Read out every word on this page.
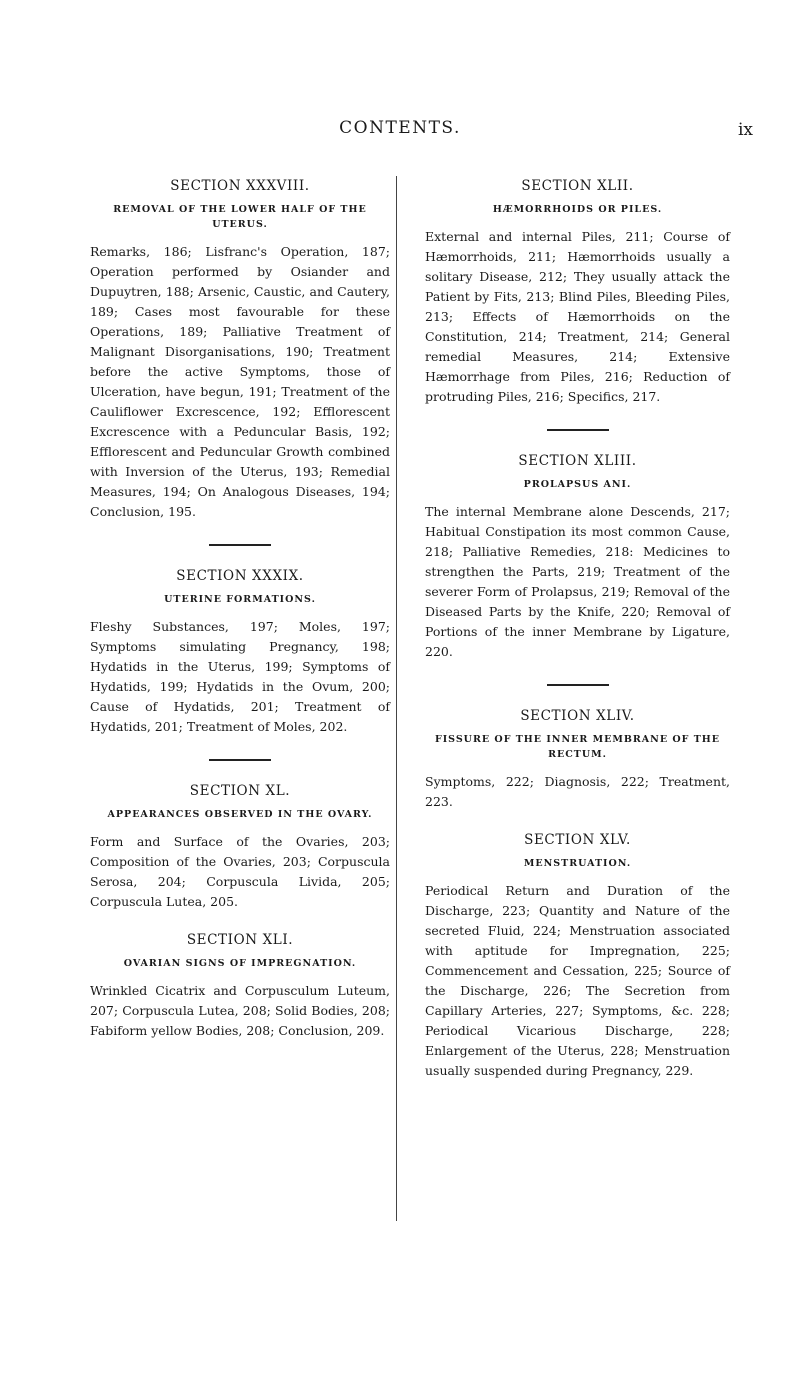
CONTENTS.	ix
SECTION XXXVIII.
REMOVAL OF THE LOWER HALF OF THE UTERUS.

Remarks, 186; Lisfranc's Operation, 187; Operation performed by Osiander and Dupuytren, 188; Arsenic, Caustic, and Cautery, 189; Cases most favourable for these Operations, 189; Palliative Treatment of Malignant Disorganisations, 190; Treatment before the active Symptoms, those of Ulceration, have begun, 191; Treatment of the Cauliflower Excrescence, 192; Efflorescent Excrescence with a Peduncular Basis, 192; Efflorescent and Peduncular Growth combined with Inversion of the Uterus, 193; Remedial Measures, 194; On Analogous Diseases, 194; Conclusion, 195.

SECTION XXXIX.
UTERINE FORMATIONS.

Fleshy Substances, 197; Moles, 197; Symptoms simulating Pregnancy, 198; Hydatids in the Uterus, 199; Symptoms of Hydatids, 199; Hydatids in the Ovum, 200; Cause of Hydatids, 201; Treatment of Hydatids, 201; Treatment of Moles, 202.

SECTION XL.
APPEARANCES OBSERVED IN THE OVARY.

Form and Surface of the Ovaries, 203; Composition of the Ovaries, 203; Corpuscula Serosa, 204; Corpuscula Livida, 205; Corpuscula Lutea, 205.

SECTION XLI.
OVARIAN SIGNS OF IMPREGNATION.

Wrinkled Cicatrix and Corpusculum Luteum, 207; Corpuscula Lutea, 208; Solid Bodies, 208; Fabiform yellow Bodies, 208; Conclusion, 209.

SECTION XLII.
HÆMORRHOIDS OR PILES.

External and internal Piles, 211; Course of Hæmorrhoids, 211; Hæmorrhoids usually a solitary Disease, 212; They usually attack the Patient by Fits, 213; Blind Piles, Bleeding Piles, 213; Effects of Hæmorrhoids on the Constitution, 214; Treatment, 214; General remedial Measures, 214; Extensive Hæmorrhage from Piles, 216; Reduction of protruding Piles, 216; Specifics, 217.

SECTION XLIII.
PROLAPSUS ANI.

The internal Membrane alone Descends, 217; Habitual Constipation its most common Cause, 218; Palliative Remedies, 218: Medicines to strengthen the Parts, 219; Treatment of the severer Form of Prolapsus, 219; Removal of the Diseased Parts by the Knife, 220; Removal of Portions of the inner Membrane by Ligature, 220.

SECTION XLIV.
FISSURE OF THE INNER MEMBRANE OF THE RECTUM.

Symptoms, 222; Diagnosis, 222; Treatment, 223.

SECTION XLV.
MENSTRUATION.

Periodical Return and Duration of the Discharge, 223; Quantity and Nature of the secreted Fluid, 224; Menstruation associated with aptitude for Impregnation, 225; Commencement and Cessation, 225; Source of the Discharge, 226; The Secretion from Capillary Arteries, 227; Symptoms, &c. 228; Periodical Vicarious Discharge, 228; Enlargement of the Uterus, 228; Menstruation usually suspended during Pregnancy, 229.
